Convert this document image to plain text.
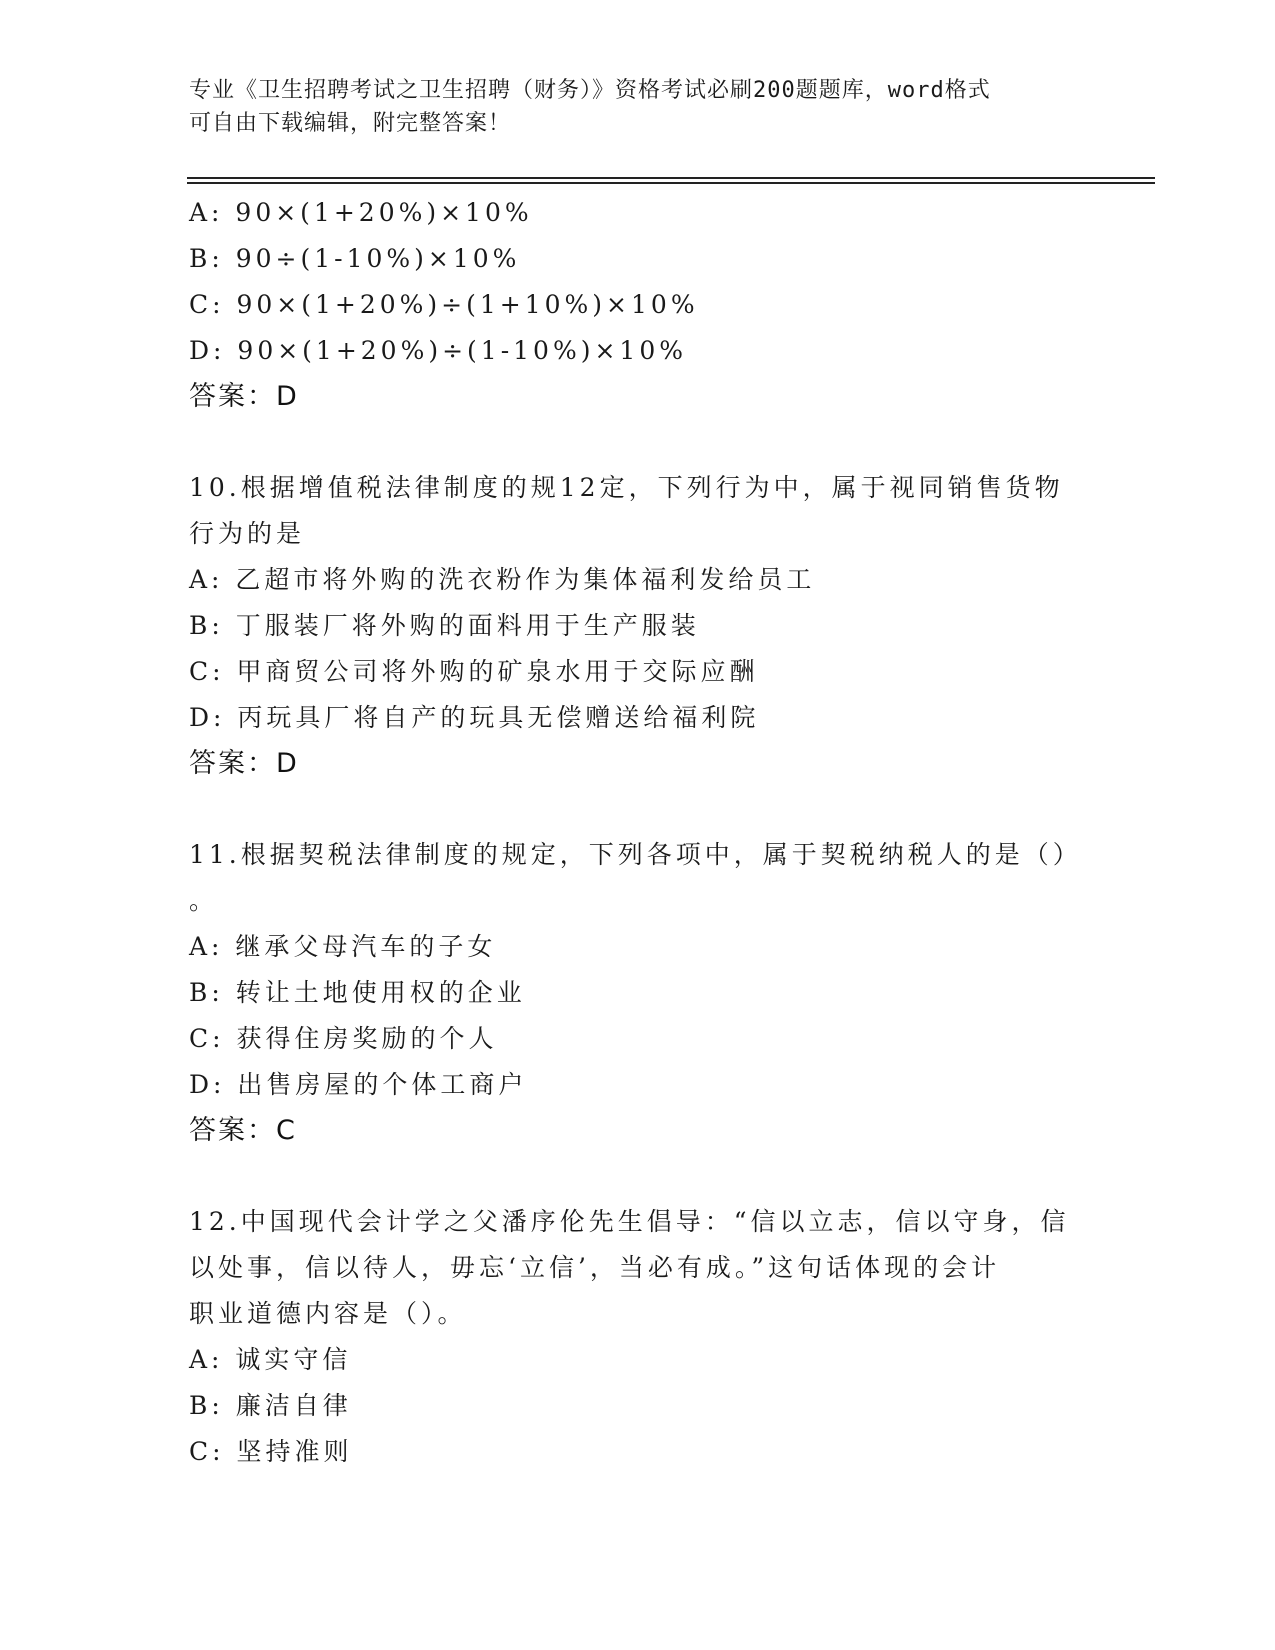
专业《卫生招聘考试之卫生招聘（财务）》资格考试必刷200题题库，word格式
可自由下载编辑，附完整答案！
A: 90×(1+20%)×10%
B: 90÷(1-10%)×10%
C: 90×(1+20%)÷(1+10%)×10%
D: 90×(1+20%)÷(1-10%)×10%
答案：D
10.根据增值税法律制度的规12定，下列行为中，属于视同销售货物
行为的是
A: 乙超市将外购的洗衣粉作为集体福利发给员工
B: 丁服装厂将外购的面料用于生产服装
C: 甲商贸公司将外购的矿泉水用于交际应酬
D: 丙玩具厂将自产的玩具无偿赠送给福利院
答案：D
11.根据契税法律制度的规定，下列各项中，属于契税纳税人的是（）
。
A: 继承父母汽车的子女
B: 转让土地使用权的企业
C: 获得住房奖励的个人
D: 出售房屋的个体工商户
答案：C
12.中国现代会计学之父潘序伦先生倡导：“信以立志，信以守身，信
以处事，信以待人，毋忘‘立信’，当必有成。”这句话体现的会计
职业道德内容是（）。
A: 诚实守信
B: 廉洁自律
C: 坚持准则
